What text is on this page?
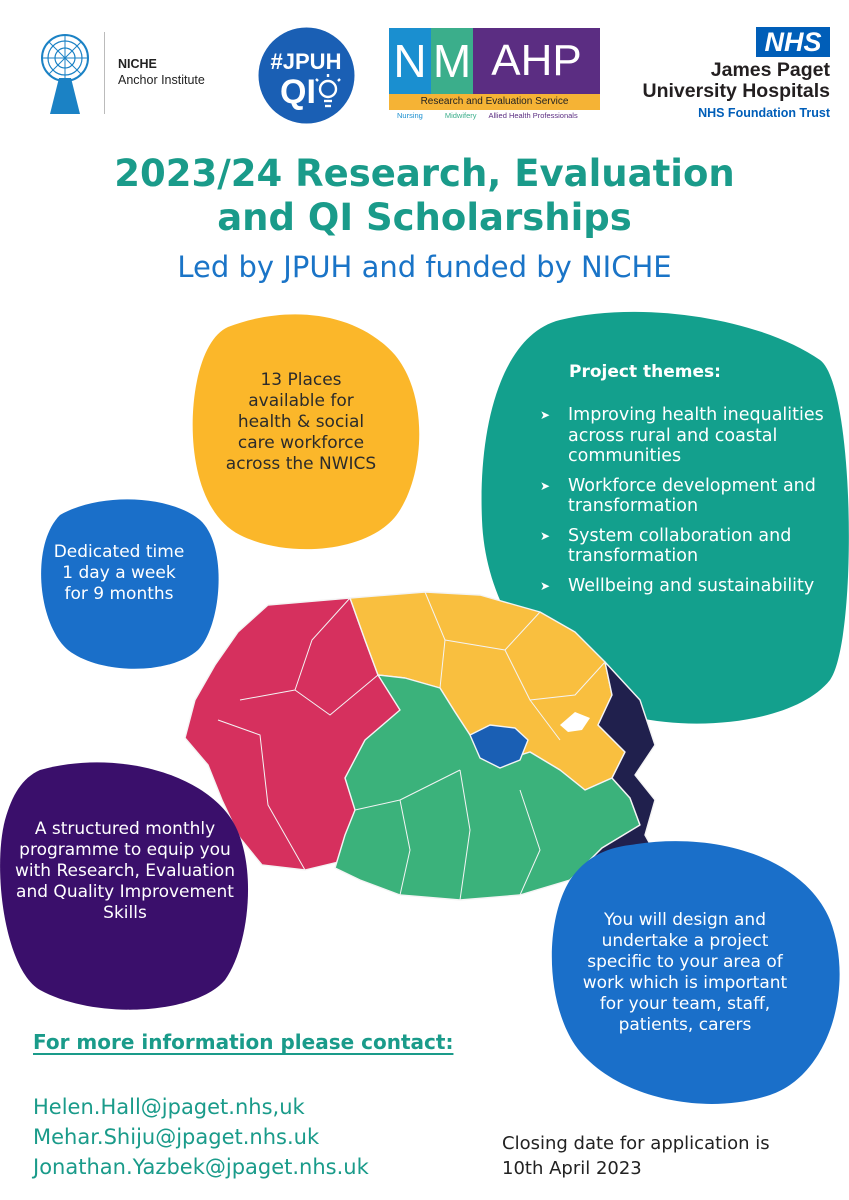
NICHE
Anchor Institute
#JPUH
QI
N M AHP
Research and Evaluation Service
Nursing	Midwifery Allied Health Professionals
NHS
James Paget
University Hospitals
NHS Foundation Trust
2023/24 Research, Evaluation
and QI Scholarships
Led by JPUH and funded by NICHE
13 Places available for health & social care workforce across the NWICS
Dedicated time 1 day a week for 9 months
Project themes:
➤ Improving health inequalities across rural and coastal communities
➤ Workforce development and transformation
➤ System collaboration and transformation
➤ Wellbeing and sustainability
A structured monthly programme to equip you with Research, Evaluation and Quality Improvement Skills	You will design and undertake a project specific to your area of work which is important for your team, staff, patients, carers
For more information please contact:
Helen.Hall@jpaget.nhs,uk
Mehar.Shiju@jpaget.nhs.uk
Jonathan.Yazbek@jpaget.nhs.uk
Closing date for application is
10th April 2023
